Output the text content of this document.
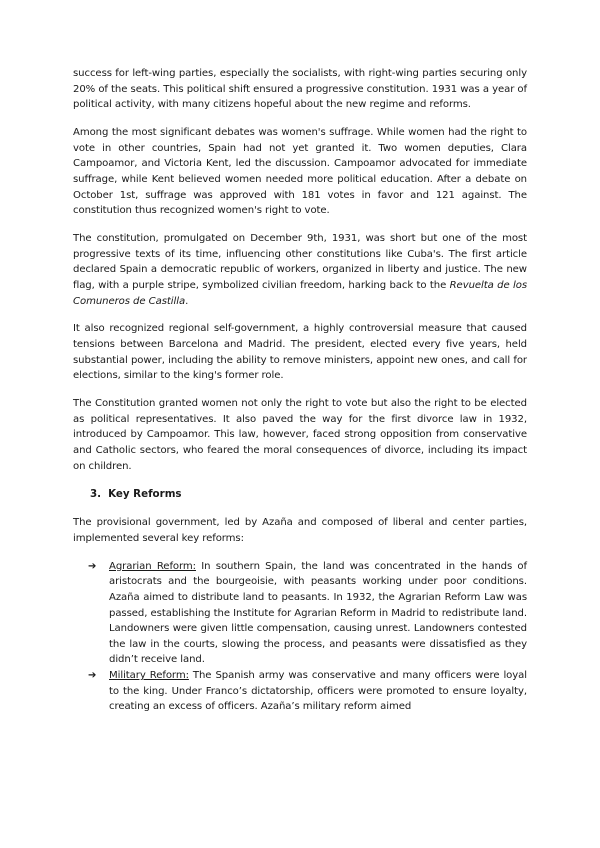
success for left-wing parties, especially the socialists, with right-wing parties securing only 20% of the seats. This political shift ensured a progressive constitution. 1931 was a year of political activity, with many citizens hopeful about the new regime and reforms.

Among the most significant debates was women's suffrage. While women had the right to vote in other countries, Spain had not yet granted it. Two women deputies, Clara Campoamor, and Victoria Kent, led the discussion. Campoamor advocated for immediate suffrage, while Kent believed women needed more political education. After a debate on October 1st, suffrage was approved with 181 votes in favor and 121 against. The constitution thus recognized women's right to vote.

The constitution, promulgated on December 9th, 1931, was short but one of the most progressive texts of its time, influencing other constitutions like Cuba's. The first article declared Spain a democratic republic of workers, organized in liberty and justice. The new flag, with a purple stripe, symbolized civilian freedom, harking back to the Revuelta de los Comuneros de Castilla.

It also recognized regional self-government, a highly controversial measure that caused tensions between Barcelona and Madrid. The president, elected every five years, held substantial power, including the ability to remove ministers, appoint new ones, and call for elections, similar to the king's former role.

The Constitution granted women not only the right to vote but also the right to be elected as political representatives. It also paved the way for the first divorce law in 1932, introduced by Campoamor. This law, however, faced strong opposition from conservative and Catholic sectors, who feared the moral consequences of divorce, including its impact on children.

3. Key Reforms

The provisional government, led by Azaña and composed of liberal and center parties, implemented several key reforms:

➔ Agrarian Reform: In southern Spain, the land was concentrated in the hands of aristocrats and the bourgeoisie, with peasants working under poor conditions. Azaña aimed to distribute land to peasants. In 1932, the Agrarian Reform Law was passed, establishing the Institute for Agrarian Reform in Madrid to redistribute land. Landowners were given little compensation, causing unrest. Landowners contested the law in the courts, slowing the process, and peasants were dissatisfied as they didn’t receive land.
➔ Military Reform: The Spanish army was conservative and many officers were loyal to the king. Under Franco’s dictatorship, officers were promoted to ensure loyalty, creating an excess of officers. Azaña’s military reform aimed
